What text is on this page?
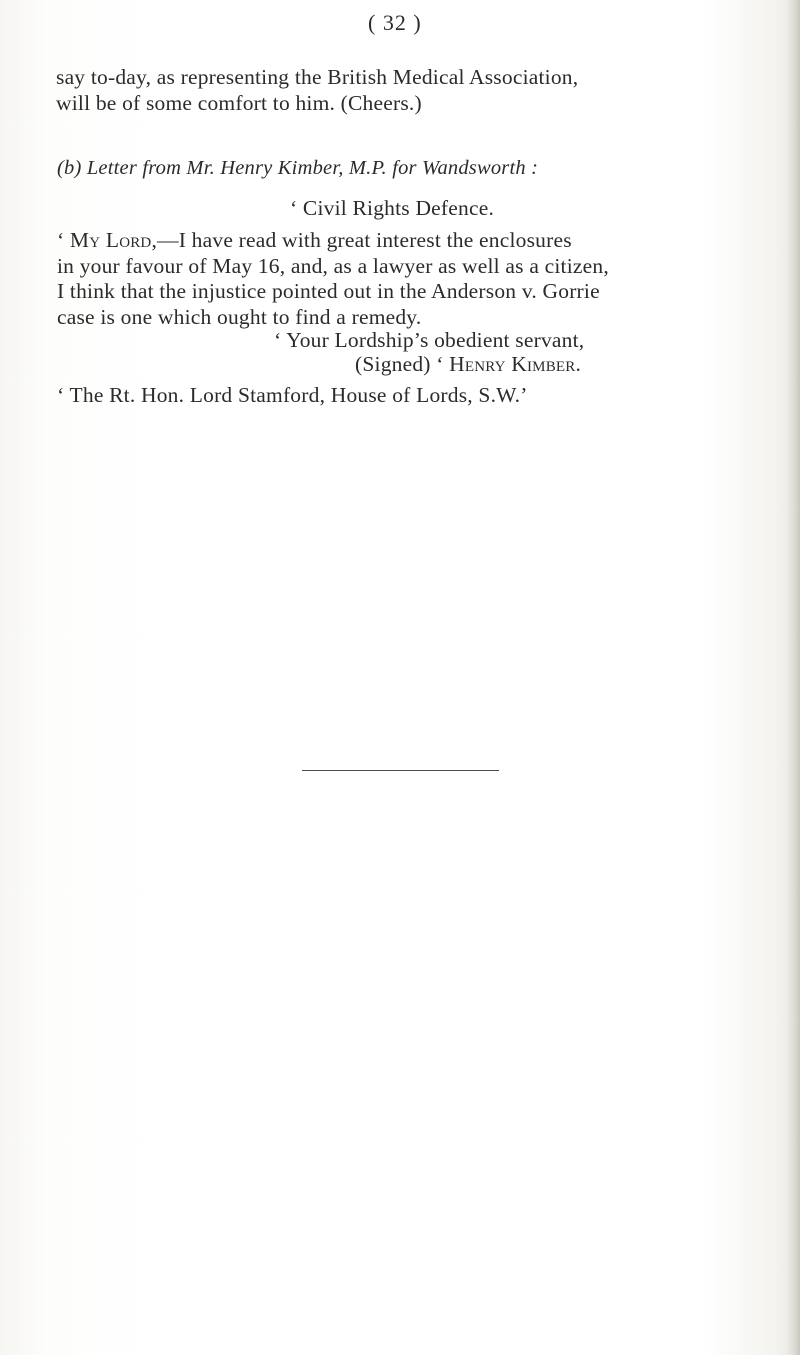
( 32 )
say to-day, as representing the British Medical Association,
will be of some comfort to him. (Cheers.)
(b) Letter from Mr. Henry Kimber, M.P. for Wandsworth :
‘ Civil Rights Defence.
‘ My Lord,—I have read with great interest the enclosures
in your favour of May 16, and, as a lawyer as well as a citizen,
I think that the injustice pointed out in the Anderson v. Gorrie
case is one which ought to find a remedy.
‘ Your Lordship’s obedient servant,
(Signed) ‘ Henry Kimber.
‘ The Rt. Hon. Lord Stamford, House of Lords, S.W.’
